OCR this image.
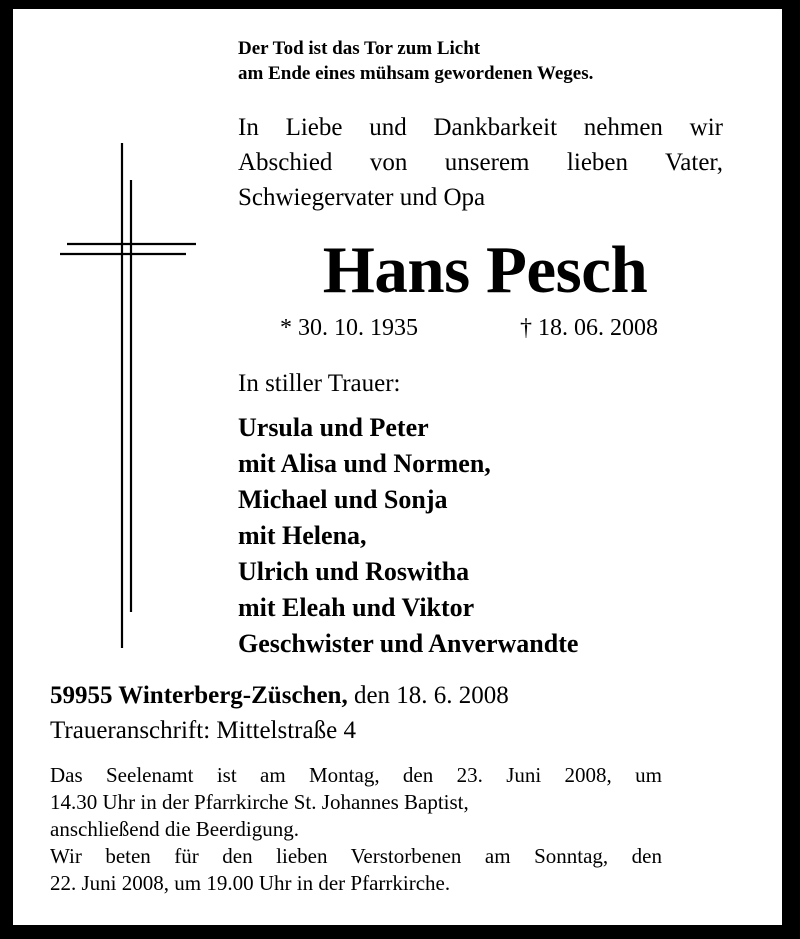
Der Tod ist das Tor zum Licht
am Ende eines mühsam gewordenen Weges.
In Liebe und Dankbarkeit nehmen wir
Abschied von unserem lieben Vater,
Schwiegervater und Opa
Hans Pesch
* 30. 10. 1935	† 18. 06. 2008
In stiller Trauer:
Ursula und Peter
mit Alisa und Normen,
Michael und Sonja
mit Helena,
Ulrich und Roswitha
mit Eleah und Viktor
Geschwister und Anverwandte
59955 Winterberg-Züschen, den 18. 6. 2008
Traueranschrift: Mittelstraße 4
Das Seelenamt ist am Montag, den 23. Juni 2008, um
14.30 Uhr in der Pfarrkirche St. Johannes Baptist,
anschließend die Beerdigung.
Wir beten für den lieben Verstorbenen am Sonntag, den
22. Juni 2008, um 19.00 Uhr in der Pfarrkirche.
